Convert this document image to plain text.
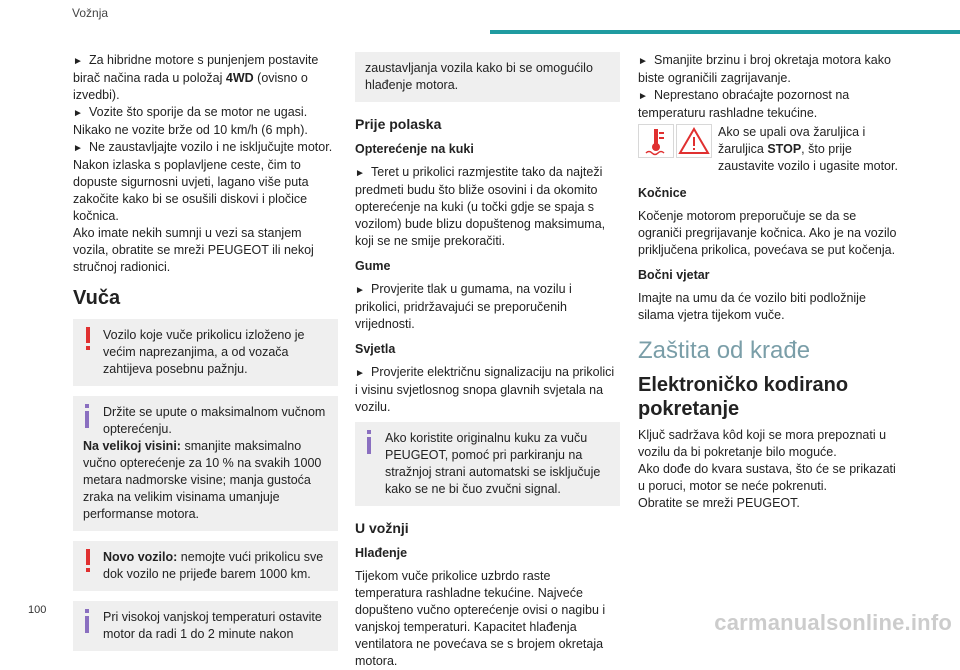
Vožnja

► Za hibridne motore s punjenjem postavite birač načina rada u položaj 4WD (ovisno o izvedbi).

► Vozite što sporije da se motor ne ugasi. Nikako ne vozite brže od 10 km/h (6 mph).

► Ne zaustavljajte vozilo i ne isključujte motor.

Nakon izlaska s poplavljene ceste, čim to dopuste sigurnosni uvjeti, lagano više puta zakočite kako bi se osušili diskovi i pločice kočnica.

Ako imate nekih sumnji u vezi sa stanjem vozila, obratite se mreži PEUGEOT ili nekoj stručnoj radionici.

Vuča
Vozilo koje vuče prikolicu izloženo je većim naprezanjima, a od vozača zahtijeva posebnu pažnju.
Držite se upute o maksimalnom vučnom opterećenju.

Na velikoj visini: smanjite maksimalno vučno opterećenje za 10 % na svakih 1000 metara nadmorske visine; manja gustoća zraka na velikim visinama umanjuje performanse motora.

Novo vozilo: nemojte vući prikolicu sve dok vozilo ne prijeđe barem 1000 km.
Pri visokoj vanjskoj temperaturi ostavite motor da radi 1 do 2 minute nakon
zaustavljanja vozila kako bi se omogućilo hlađenje motora.
Prije polaska
Opterećenje na kuki

► Teret u prikolici razmjestite tako da najteži predmeti budu što bliže osovini i da okomito opterećenje na kuki (u točki gdje se spaja s vozilom) bude blizu dopuštenog maksimuma, koji se ne smije prekoračiti.

Gume

► Provjerite tlak u gumama, na vozilu i prikolici, pridržavajući se preporučenih vrijednosti.

Svjetla

► Provjerite električnu signalizaciju na prikolici i visinu svjetlosnog snopa glavnih svjetala na vozilu.

Ako koristite originalnu kuku za vuču PEUGEOT, pomoć pri parkiranju na stražnjoj strani automatski se isključuje kako se ne bi čuo zvučni signal.
U vožnji
Hlađenje

Tijekom vuče prikolice uzbrdo raste temperatura rashladne tekućine. Najveće dopušteno vučno opterećenje ovisi o nagibu i vanjskoj temperaturi. Kapacitet hlađenja ventilatora ne povećava se s brojem okretaja motora.

► Smanjite brzinu i broj okretaja motora kako biste ograničili zagrijavanje.

► Neprestano obraćajte pozornost na temperaturu rashladne tekućine.

Ako se upali ova žaruljica i žaruljica STOP, što prije zaustavite vozilo i ugasite motor.

Kočnice

Kočenje motorom preporučuje se da se ograniči pregrijavanje kočnica. Ako je na vozilo priključena prikolica, povećava se put kočenja.

Bočni vjetar

Imajte na umu da će vozilo biti podložnije silama vjetra tijekom vuče.

Zaštita od krađe
Elektroničko kodirano pokretanje

Ključ sadržava kôd koji se mora prepoznati u vozilu da bi pokretanje bilo moguće.

Ako dođe do kvara sustava, što će se prikazati u poruci, motor se neće pokrenuti.

Obratite se mreži PEUGEOT.

100	carmanualsonline.info
